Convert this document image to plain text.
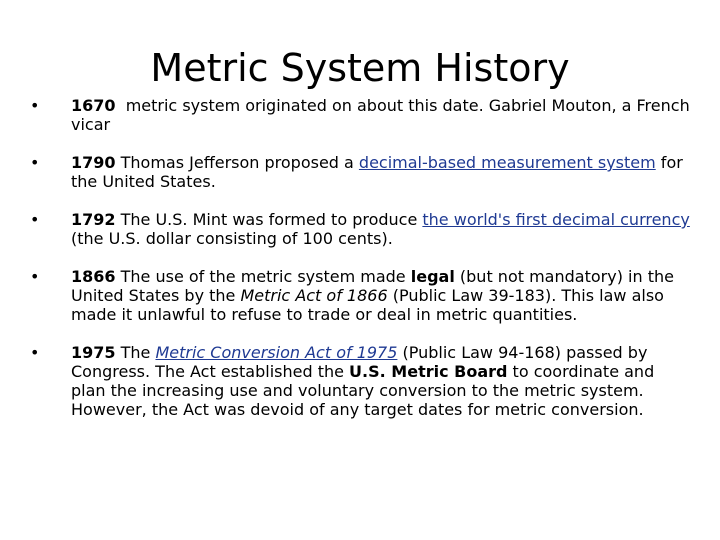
Metric System History
• 1670  metric system originated on about this date. Gabriel Mouton, a French vicar
• 1790 Thomas Jefferson proposed a decimal-based measurement system for the United States.
• 1792 The U.S. Mint was formed to produce the world's first decimal currency (the U.S. dollar consisting of 100 cents).
• 1866 The use of the metric system made legal (but not mandatory) in the United States by the Metric Act of 1866 (Public Law 39-183). This law also made it unlawful to refuse to trade or deal in metric quantities.
• 1975 The Metric Conversion Act of 1975 (Public Law 94-168) passed by Congress. The Act established the U.S. Metric Board to coordinate and plan the increasing use and voluntary conversion to the metric system. However, the Act was devoid of any target dates for metric conversion.
